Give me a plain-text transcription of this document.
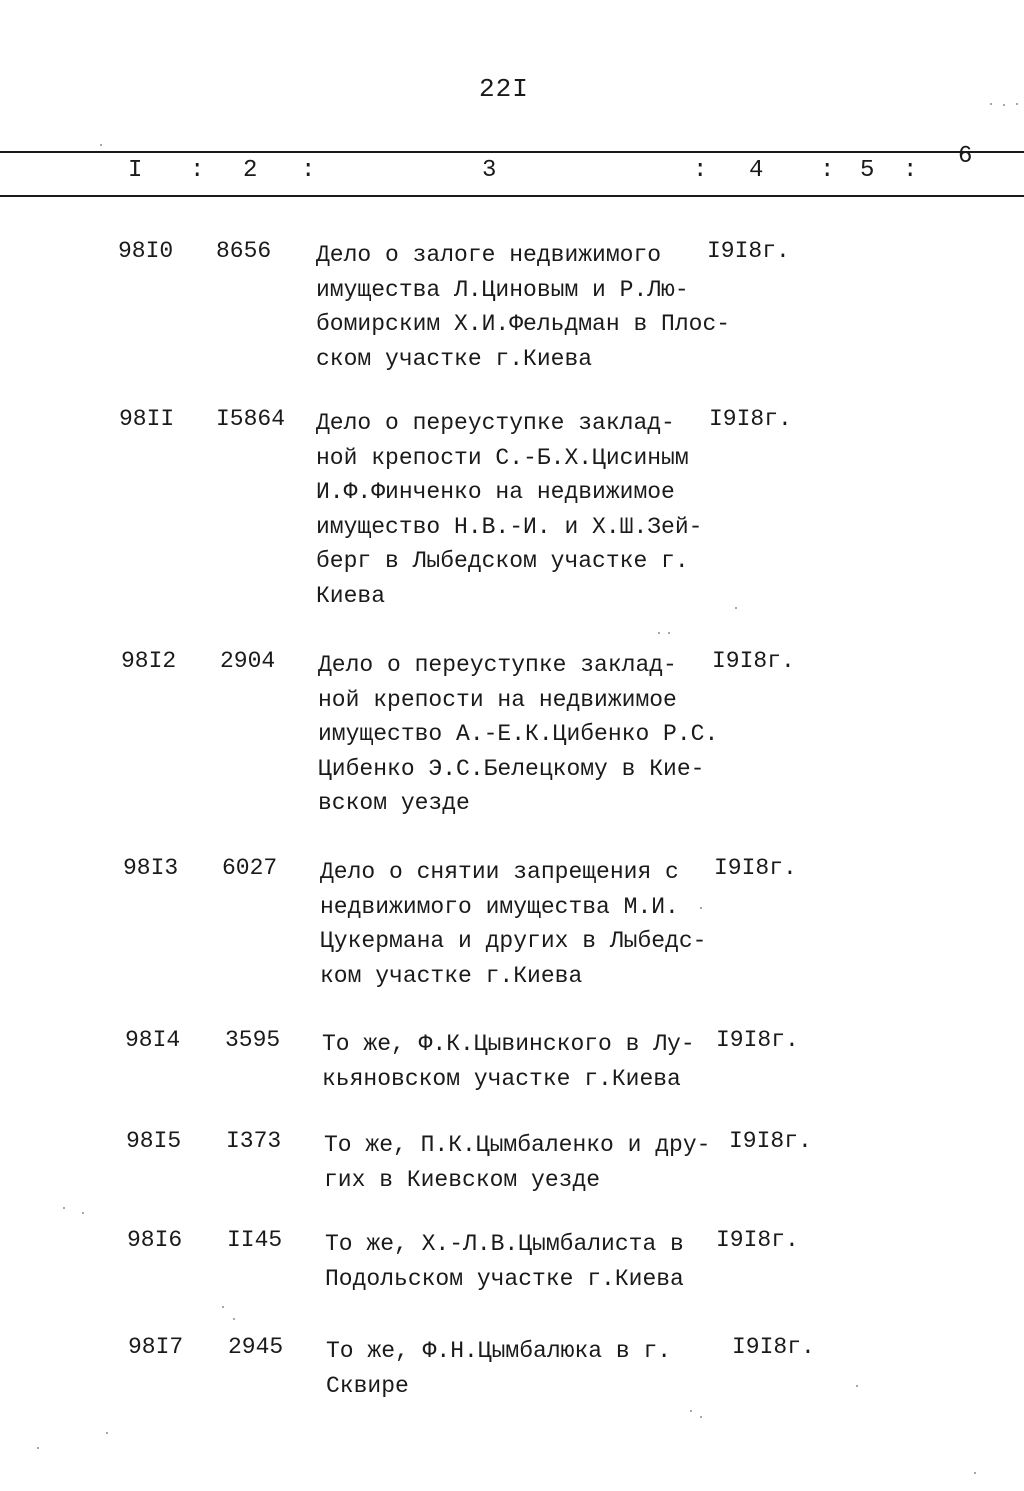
22I
I : 2 :	3	: 4 : 5 :
6
98I0 8656 Дело о залоге недвижимого
имущества Л.Циновым и Р.Лю-
бомирским Х.И.Фельдман в Плос-
ском участке г.Киева
I9I8г.
98II I5864 Дело о переуступке заклад-
ной крепости С.-Б.Х.Цисиным
И.Ф.Финченко на недвижимое
имущество Н.В.-И. и Х.Ш.Зей-
берг в Лыбедском участке г.
Киева
I9I8г.
98I2 2904 Дело о переуступке заклад-
ной крепости на недвижимое
имущество А.-Е.К.Цибенко Р.С.
Цибенко Э.С.Белецкому в Кие-
вском уезде
I9I8г.
98I3 6027 Дело о снятии запрещения с
недвижимого имущества М.И.
Цукермана и других в Лыбедс-
ком участке г.Киева
I9I8г.
98I4 3595 То же, Ф.К.Цывинского в Лу-
кьяновском участке г.Киева
I9I8г.
98I5 I373 То же, П.К.Цымбаленко и дру-
гих в Киевском уезде
I9I8г.
98I6 II45 То же, Х.-Л.В.Цымбалиста в
Подольском участке г.Киева
I9I8г.
98I7 2945 То же, Ф.Н.Цымбалюка в г.
Сквире
I9I8г.
